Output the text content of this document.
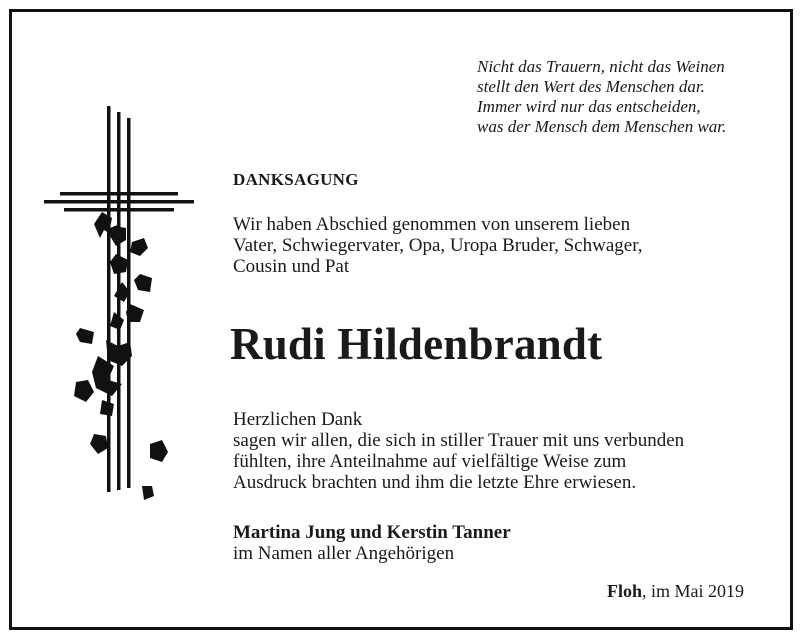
Nicht das Trauern, nicht das Weinen
stellt den Wert des Menschen dar.
Immer wird nur das entscheiden,
was der Mensch dem Menschen war.
DANKSAGUNG
Wir haben Abschied genommen von unserem lieben
Vater, Schwiegervater, Opa, Uropa Bruder, Schwager,
Cousin und Pat
Rudi Hildenbrandt
Herzlichen Dank
sagen wir allen, die sich in stiller Trauer mit uns verbunden
fühlten, ihre Anteilnahme auf vielfältige Weise zum
Ausdruck brachten und ihm die letzte Ehre erwiesen.
Martina Jung und Kerstin Tanner
im Namen aller Angehörigen
Floh, im Mai 2019
